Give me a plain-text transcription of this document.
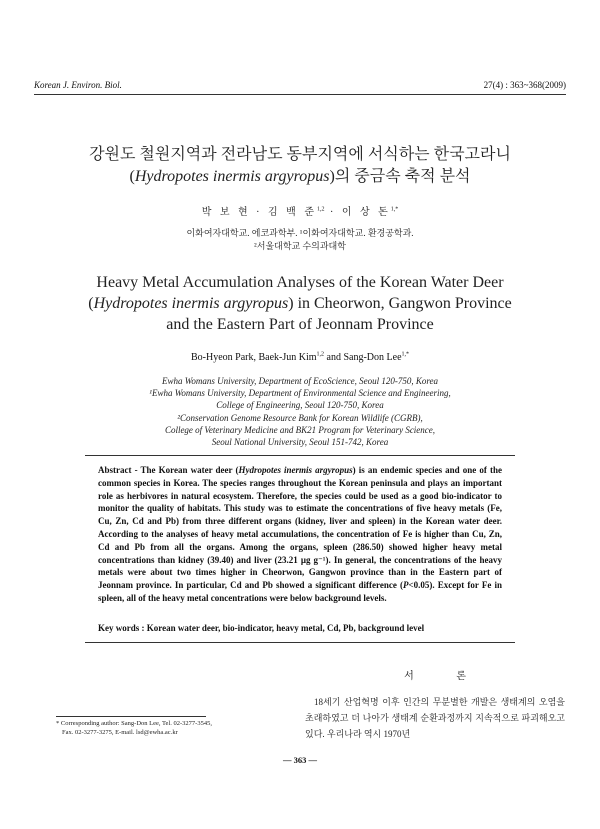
Korean J. Environ. Biol.	27(4) : 363~368(2009)
강원도 철원지역과 전라남도 동부지역에 서식하는 한국고라니
(Hydropotes inermis argyropus)의 중금속 축적 분석
박 보 현 · 김 백 준$^{1,2}$ · 이 상 돈$^{1,*}$
이화여자대학교. 에코과학부. ¹이화여자대학교. 환경공학과.
²서울대학교 수의과대학
Heavy Metal Accumulation Analyses of the Korean Water Deer
(Hydropotes inermis argyropus) in Cheorwon, Gangwon Province
and the Eastern Part of Jeonnam Province
Bo-Hyeon Park, Baek-Jun Kim$^{1,2}$ and Sang-Don Lee$^{1,*}$
Ewha Womans University, Department of EcoScience, Seoul 120-750, Korea
¹Ewha Womans University, Department of Environmental Science and Engineering,
College of Engineering, Seoul 120-750, Korea
²Conservation Genome Resource Bank for Korean Wildlife (CGRB),
College of Veterinary Medicine and BK21 Program for Veterinary Science,
Seoul National University, Seoul 151-742, Korea
Abstract - The Korean water deer (Hydropotes inermis argyropus) is an endemic species and one of the common species in Korea. The species ranges throughout the Korean peninsula and plays an important role as herbivores in natural ecosystem. Therefore, the species could be used as a good bio-indicator to monitor the quality of habitats. This study was to estimate the concentrations of five heavy metals (Fe, Cu, Zn, Cd and Pb) from three different organs (kidney, liver and spleen) in the Korean water deer. According to the analyses of heavy metal accumulations, the concentration of Fe is higher than Cu, Zn, Cd and Pb from all the organs. Among the organs, spleen (286.50) showed higher heavy metal concentrations than kidney (39.40) and liver (23.21 μg g⁻¹). In general, the concentrations of the heavy metals were about two times higher in Cheorwon, Gangwon province than in the Eastern part of Jeonnam province. In particular, Cd and Pb showed a significant difference (P<0.05). Except for Fe in spleen, all of the heavy metal concentrations were below background levels.
Key words : Korean water deer, bio-indicator, heavy metal, Cd, Pb, background level
서 론
18세기 산업혁명 이후 인간의 무분별한 개발은 생태계의 오염을 초래하였고 더 나아가 생태계 순환과정까지 지속적으로 파괴해오고 있다. 우리나라 역시 1970년
* Corresponding author: Sang-Don Lee, Tel. 02-3277-3545,
Fax. 02-3277-3275, E-mail. lsd@ewha.ac.kr
— 363 —
